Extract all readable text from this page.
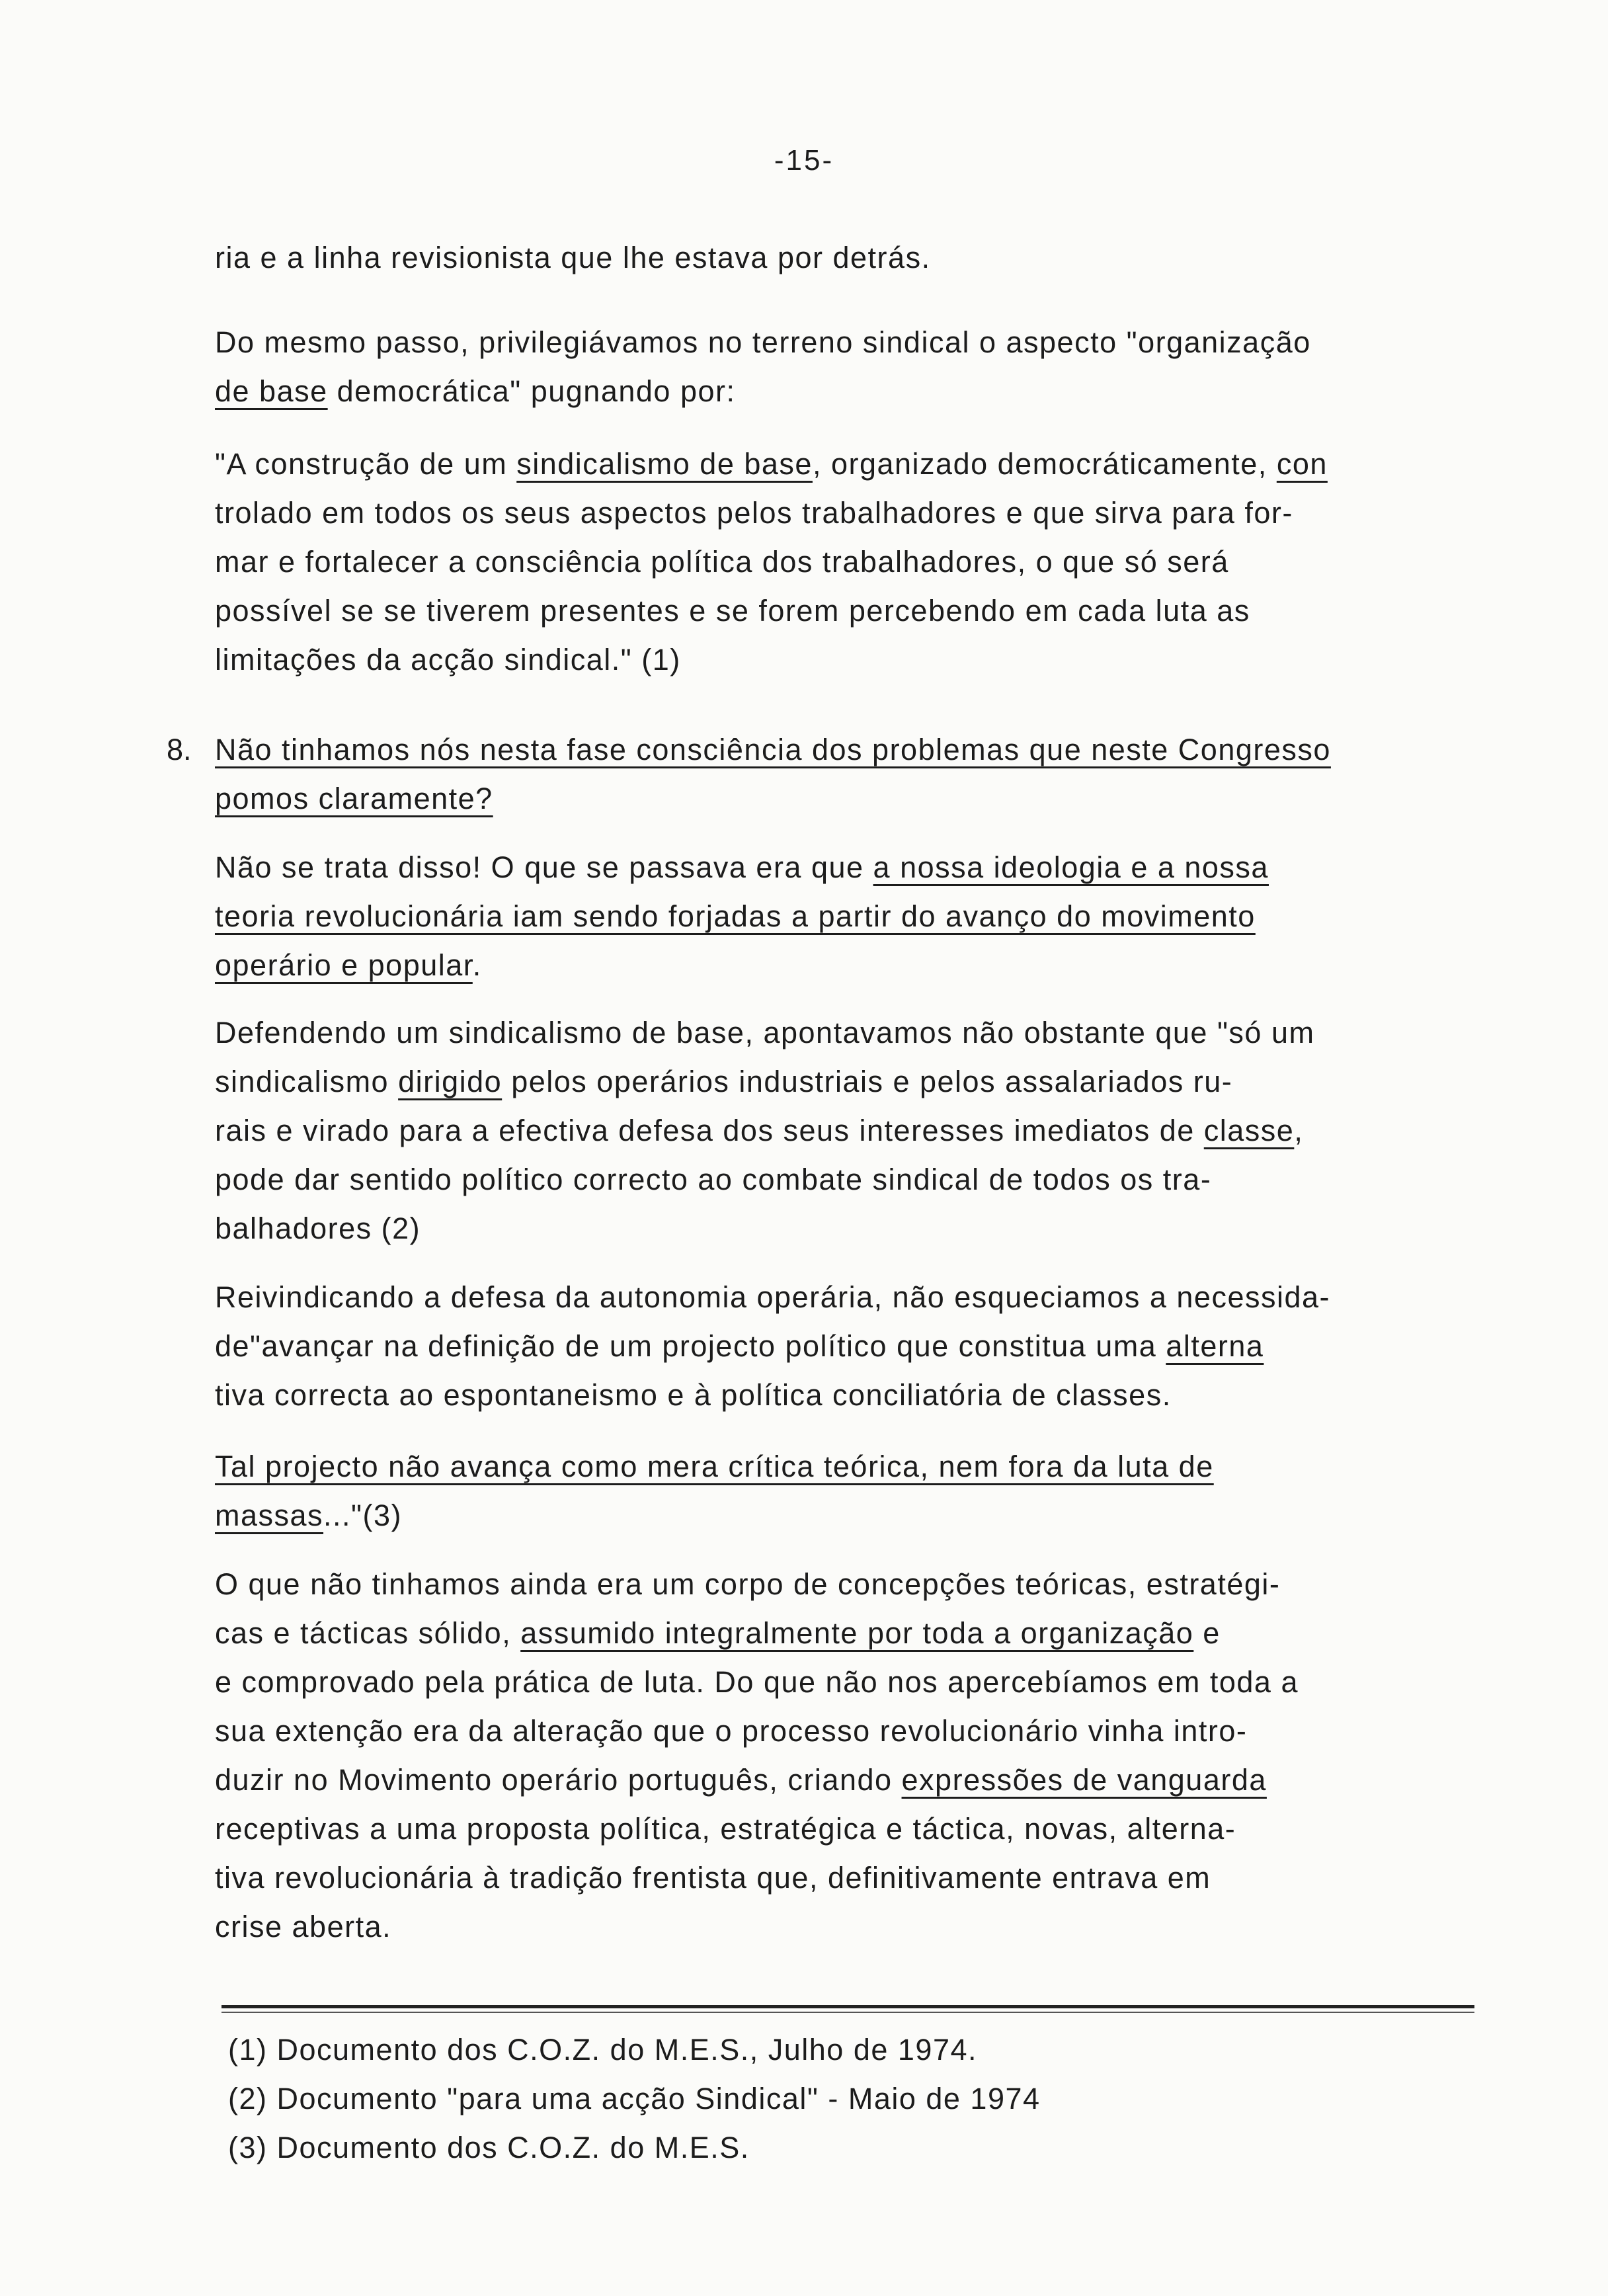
-15-
ria e a linha revisionista que lhe estava por detrás.
Do mesmo passo, privilegiávamos no terreno sindical o aspecto "organização
de base democrática" pugnando por:
"A construção de um sindicalismo de base, organizado democráticamente, con
trolado em todos os seus aspectos pelos trabalhadores e que sirva para for-
mar e fortalecer a consciência política dos trabalhadores, o que só será
possível se se tiverem presentes e se forem percebendo em cada luta as
limitações da acção sindical." (1)
8. Não tinhamos nós nesta fase consciência dos problemas que neste Congresso
pomos claramente?
Não se trata disso! O que se passava era que a nossa ideologia e a nossa
teoria revolucionária iam sendo forjadas a partir do avanço do movimento
operário e popular.
Defendendo um sindicalismo de base, apontavamos não obstante que "só um
sindicalismo dirigido pelos operários industriais e pelos assalariados ru-
rais e virado para a efectiva defesa dos seus interesses imediatos de classe,
pode dar sentido político correcto ao combate sindical de todos os tra-
balhadores (2)
Reivindicando a defesa da autonomia operária, não esqueciamos a necessida-
de"avançar na definição de um projecto político que constitua uma alterna
tiva correcta ao espontaneismo e à política conciliatória de classes.
Tal projecto não avança como mera crítica teórica, nem fora da luta de
massas..."(3)
O que não tinhamos ainda era um corpo de concepções teóricas, estratégi-
cas e tácticas sólido, assumido integralmente por toda a organização e
e comprovado pela prática de luta. Do que não nos apercebíamos em toda a
sua extenção era da alteração que o processo revolucionário vinha intro-
duzir no Movimento operário português, criando expressões de vanguarda
receptivas a uma proposta política, estratégica e táctica, novas, alterna-
tiva revolucionária à tradição frentista que, definitivamente entrava em
crise aberta.
(1) Documento dos C.O.Z. do M.E.S., Julho de 1974.
(2) Documento "para uma acção Sindical" - Maio de 1974
(3) Documento dos C.O.Z. do M.E.S.
